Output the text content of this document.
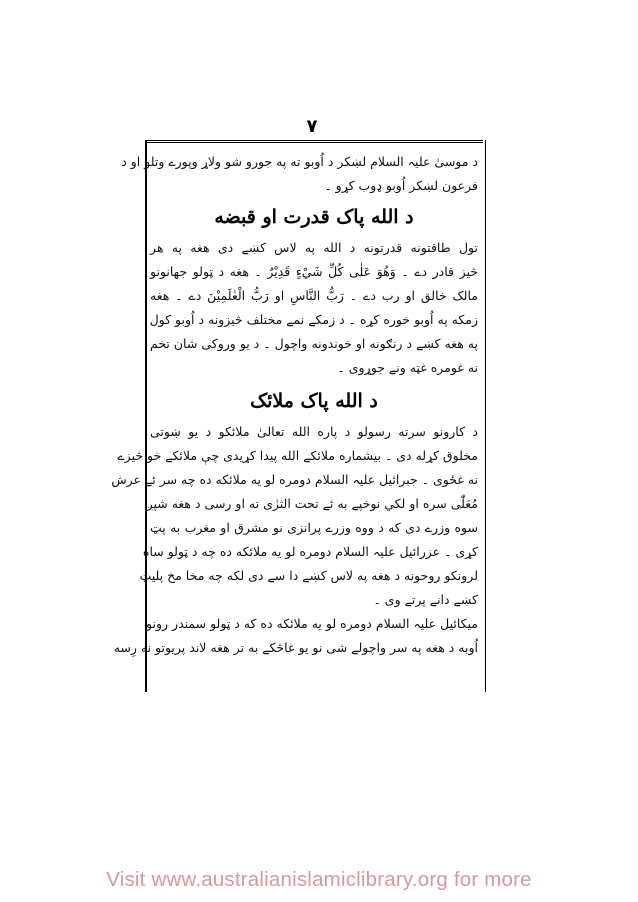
۷
د موسیٰ علیہ السلام لښکر د اُوبو ته په جورو شو ولاړ وپورے وتلو او د
فرعون لښکر اُوبو ډوب کړو ۔
د الله پاک قدرت او قبضه
تول طاقتونه قدرتونه د الله په لاس کښے دی هغه په هر
څيز قادر دے ۔ وَهُوَ عَلٰى كُلِّ شَيْءٍ قَدِيْرٌ ۔ هغه د ټولو جهانونو
مالک خالق او رب دے ۔ رَبُّ النَّاسِ او رَبُّ الْعٰلَمِيْنَ دے ۔ هغه
زمکه په اُوبو خوره کړه ۔ د زمکے نمے مختلف څيزونه د اُوبو کول
په هغه کښے د رنګونه او خوندونه واچول ۔ د يو وروکی شان تخم
نه غومره غټه ونے جوړوی ۔
د الله پاک ملائک
د کارونو سرته رسولو د پاره الله تعالیٰ ملائکو د يو ښوتی
مخلوق کړله دی ۔ بيشماره ملائکے الله پيدا کړيدی چې ملائکے خو څيزے
نه غځوی ۔ جبرائيل علیہ السلام دومره لو يه ملائکه ده چه سر ئے عرش
مُعَلّٰی سره او لکي نوخپے به ئے تحت الثرٰی ته او رسی د هغه شپږ
سوه وزرے دی که د ووه وزرے پرانزی نو مشرق او مغرب به پټ
کړی ۔ عزرائيل علیہ السلام دومره لو يه ملائکه ده چه د ټولو ساه
لرونکو روحونه د هغه په لاس کښے دا سے دی لکه چه مخا مخ پليټ
کښے دانے پرتے وی ۔
ميکائيل علیہ السلام دومره لو يه ملائکه ده که د ټولو سمندر رونو
اُوبه د هغه په سر واچولے شی نو يو غاڅکے به تر هغه لاند پريوتو نه رِسه
Visit www.australianislamiclibrary.org for more
